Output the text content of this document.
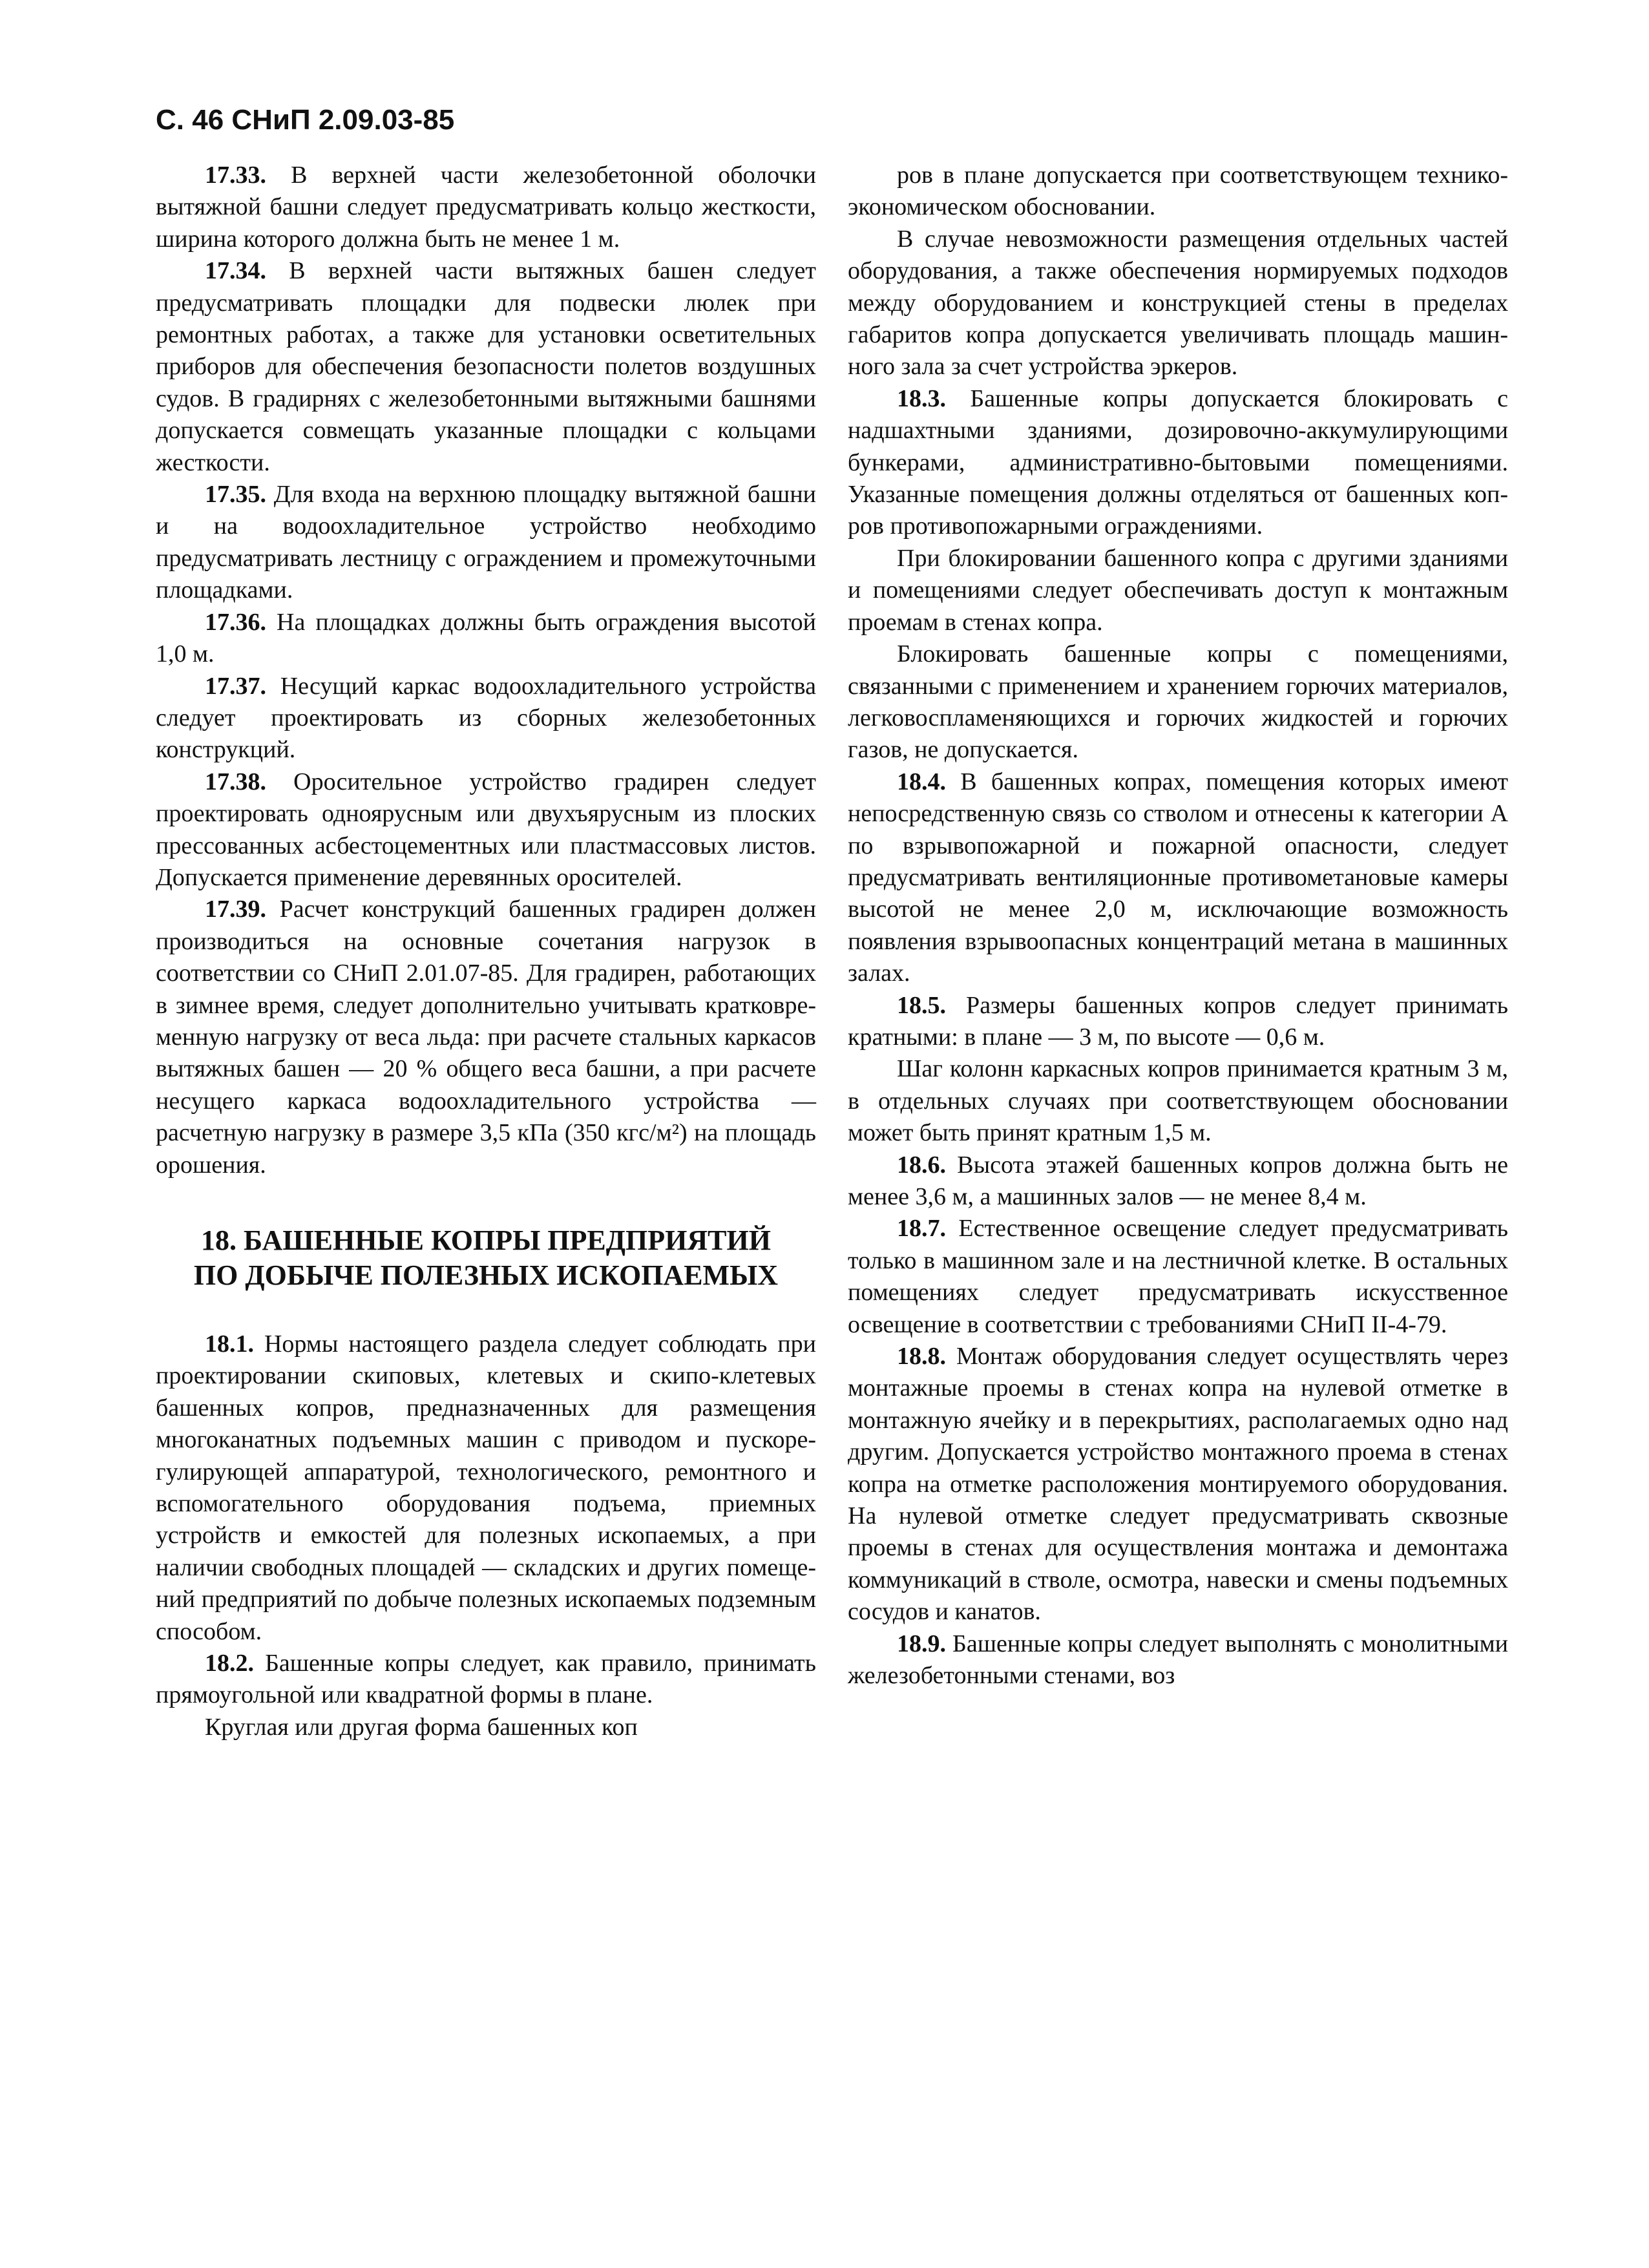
С. 46 СНиП 2.09.03-85

17.33. В верхней части железобетонной оболочки вытяжной башни следует предусматривать кольцо жесткости, ширина которого должна быть не менее 1 м.

17.34. В верхней части вытяжных башен следует предусматривать площадки для подвески люлек при ремонтных работах, а также для установки осветительных приборов для обеспечения безопасности полетов воздушных судов. В градирнях с железобетонными вытяжными башнями допускается совмещать указанные площадки с кольцами жесткости.

17.35. Для входа на верхнюю площадку вытяжной башни и на водоохладительное устройство необходимо предусматривать лестницу с ограждением и промежуточными площадками.

17.36. На площадках должны быть ограждения высотой 1,0 м.

17.37. Несущий каркас водоохладительного устройства следует проектировать из сборных железобетонных конструкций.

17.38. Оросительное устройство градирен следует проектировать одноярусным или двухъярусным из плоских прессованных асбестоцементных или пластмассовых листов. Допускается применение деревянных оросителей.

17.39. Расчет конструкций башенных градирен должен производиться на основные сочетания нагрузок в соответствии со СНиП 2.01.07-85. Для градирен, работающих в зимнее время, следует дополнительно учитывать кратковременную нагрузку от веса льда: при расчете стальных каркасов вытяжных башен — 20 % общего веса башни, а при расчете несущего каркаса водоохладительного устройства — расчетную нагрузку в размере 3,5 кПа (350 кгс/м²) на площадь орошения.

18. БАШЕННЫЕ КОПРЫ ПРЕДПРИЯТИЙ
ПО ДОБЫЧЕ ПОЛЕЗНЫХ ИСКОПАЕМЫХ

18.1. Нормы настоящего раздела следует соблюдать при проектировании скиповых, клетевых и скипо-клетевых башенных копров, предназначенных для размещения многоканатных подъемных машин с приводом и пускорегулирующей аппаратурой, технологического, ремонтного и вспомогательного оборудования подъема, приемных устройств и емкостей для полезных ископаемых, а при наличии свободных площадей — складских и других помещений предприятий по добыче полезных ископаемых подземным способом.

18.2. Башенные копры следует, как правило, принимать прямоугольной или квадратной формы в плане.

Круглая или другая форма башенных коп

ров в плане допускается при соответствующем технико-экономическом обосновании.

В случае невозможности размещения отдельных частей оборудования, а также обеспечения нормируемых подходов между оборудованием и конструкцией стены в пределах габаритов копра допускается увеличивать площадь машинного зала за счет устройства эркеров.

18.3. Башенные копры допускается блокировать с надшахтными зданиями, дозировочно-аккумулирующими бункерами, административно-бытовыми помещениями. Указанные помещения должны отделяться от башенных копров противопожарными ограждениями.

При блокировании башенного копра с другими зданиями и помещениями следует обеспечивать доступ к монтажным проемам в стенах копра.

Блокировать башенные копры с помещениями, связанными с применением и хранением горючих материалов, легковоспламеняющихся и горючих жидкостей и горючих газов, не допускается.

18.4. В башенных копрах, помещения которых имеют непосредственную связь со стволом и отнесены к категории А по взрывопожарной и пожарной опасности, следует предусматривать вентиляционные противометановые камеры высотой не менее 2,0 м, исключающие возможность появления взрывоопасных концентраций метана в машинных залах.

18.5. Размеры башенных копров следует принимать кратными: в плане — 3 м, по высоте — 0,6 м.

Шаг колонн каркасных копров принимается кратным 3 м, в отдельных случаях при соответствующем обосновании может быть принят кратным 1,5 м.

18.6. Высота этажей башенных копров должна быть не менее 3,6 м, а машинных залов — не менее 8,4 м.

18.7. Естественное освещение следует предусматривать только в машинном зале и на лестничной клетке. В остальных помещениях следует предусматривать искусственное освещение в соответствии с требованиями СНиП II-4-79.

18.8. Монтаж оборудования следует осуществлять через монтажные проемы в стенах копра на нулевой отметке в монтажную ячейку и в перекрытиях, располагаемых одно над другим. Допускается устройство монтажного проема в стенах копра на отметке расположения монтируемого оборудования. На нулевой отметке следует предусматривать сквозные проемы в стенах для осуществления монтажа и демонтажа коммуникаций в стволе, осмотра, навески и смены подъемных сосудов и канатов.

18.9. Башенные копры следует выполнять с монолитными железобетонными стенами, воз
